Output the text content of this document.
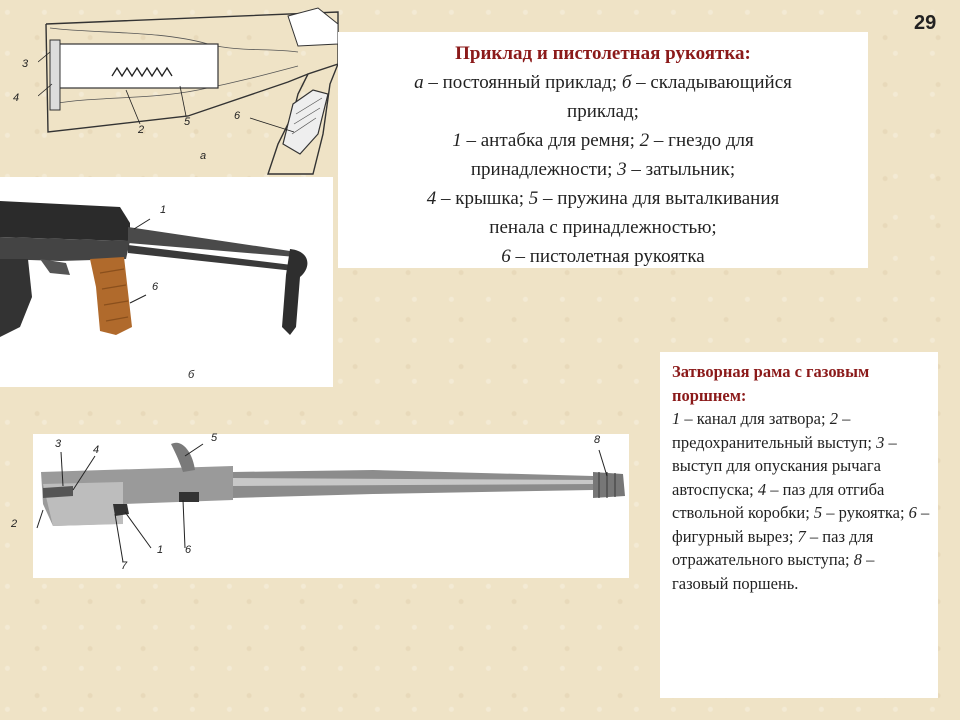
29
3
4
2
5	6
а
Приклад и пистолетная рукоятка:
а – постоянный приклад; б – складывающийся
приклад;
1 – антабка для ремня; 2 – гнездо для
принадлежности; 3 – затыльник;
4 – крышка; 5 – пружина для выталкивания
пенала с принадлежностью;
6 – пистолетная рукоятка
1
6
б	Затворная рама с газовым поршнем:
1 – канал для затвора; 2 – предохранительный выступ; 3 – выступ для опускания рычага автоспуска; 4 – паз для отгиба ствольной коробки; 5 – рукоятка; 6 – фигурный вырез; 7 – паз для отражательного выступа; 8 – газовый поршень.
3	4
5	8
2
1 6
7
